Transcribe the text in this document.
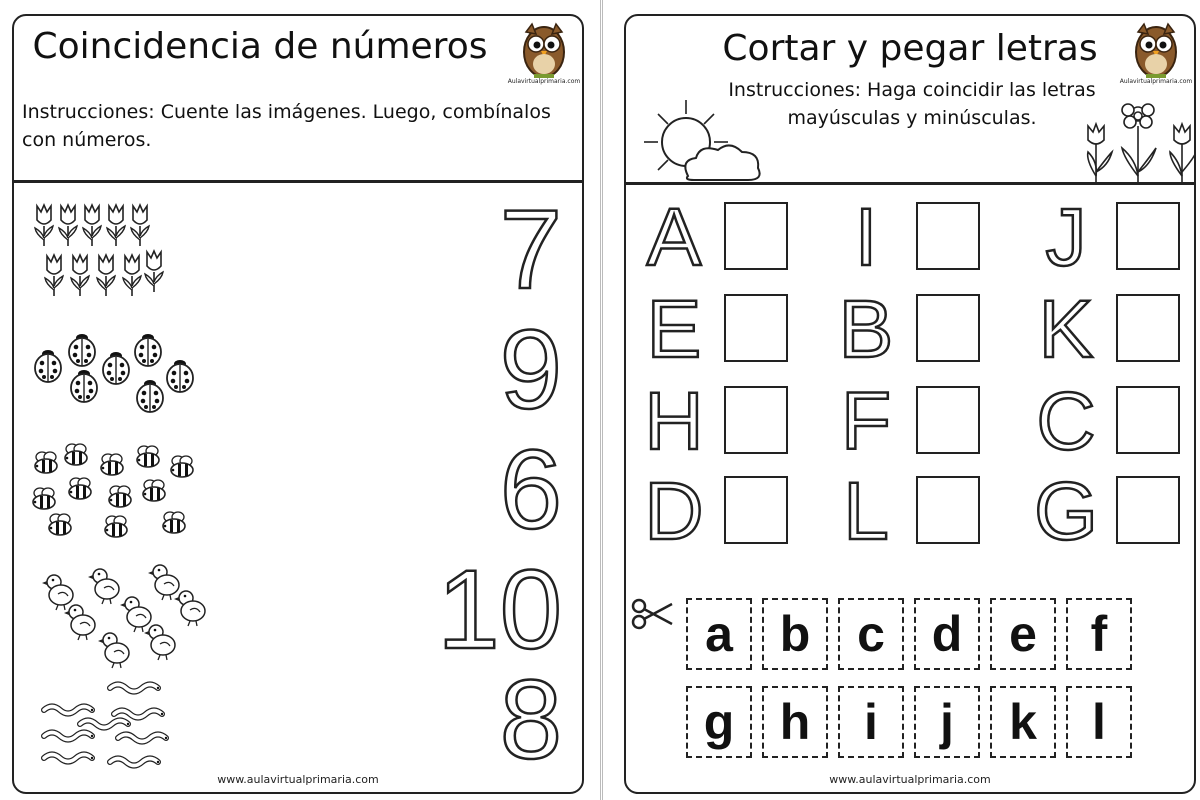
Coincidencia de números
Aulavirtualprimaria.com
Instrucciones: Cuente las imágenes. Luego, combínalos con números.
7
9
6
10
8
www.aulavirtualprimaria.com
Cortar y pegar letras
Aulavirtualprimaria.com
Instrucciones: Haga coincidir las letras mayúsculas y minúsculas.
A I J
E B K
H F C
D L G
a b c d e	f
g h	i	j	k	l
www.aulavirtualprimaria.com
